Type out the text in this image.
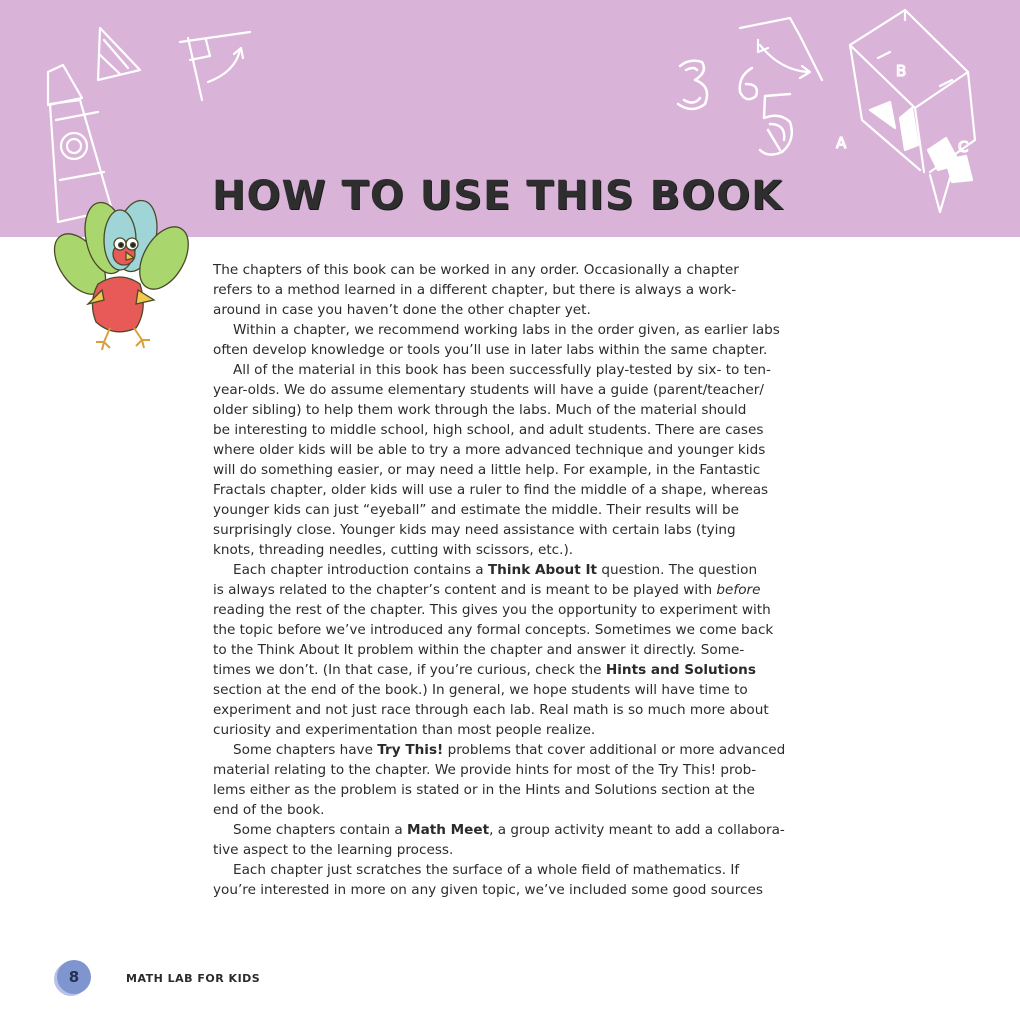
B
A	C
HOW TO USE THIS BOOK

The chapters of this book can be worked in any order. Occasionally a chapter

refers to a method learned in a different chapter, but there is always a work-

around in case you haven’t done the other chapter yet.

Within a chapter, we recommend working labs in the order given, as earlier labs

often develop knowledge or tools you’ll use in later labs within the same chapter.

All of the material in this book has been successfully play-tested by six- to ten-

year-olds. We do assume elementary students will have a guide (parent/teacher/

older sibling) to help them work through the labs. Much of the material should

be interesting to middle school, high school, and adult students. There are cases

where older kids will be able to try a more advanced technique and younger kids

will do something easier, or may need a little help. For example, in the Fantastic

Fractals chapter, older kids will use a ruler to find the middle of a shape, whereas

younger kids can just “eyeball” and estimate the middle. Their results will be

surprisingly close. Younger kids may need assistance with certain labs (tying

knots, threading needles, cutting with scissors, etc.).

Each chapter introduction contains a Think About It question. The question

is always related to the chapter’s content and is meant to be played with before

reading the rest of the chapter. This gives you the opportunity to experiment with

the topic before we’ve introduced any formal concepts. Sometimes we come back

to the Think About It problem within the chapter and answer it directly. Some-

times we don’t. (In that case, if you’re curious, check the Hints and Solutions

section at the end of the book.) In general, we hope students will have time to

experiment and not just race through each lab. Real math is so much more about

curiosity and experimentation than most people realize.

Some chapters have Try This! problems that cover additional or more advanced

material relating to the chapter. We provide hints for most of the Try This! prob-

lems either as the problem is stated or in the Hints and Solutions section at the

end of the book.

Some chapters contain a Math Meet, a group activity meant to add a collabora-

tive aspect to the learning process.

Each chapter just scratches the surface of a whole field of mathematics. If

you’re interested in more on any given topic, we’ve included some good sources

8	MATH LAB FOR KIDS
